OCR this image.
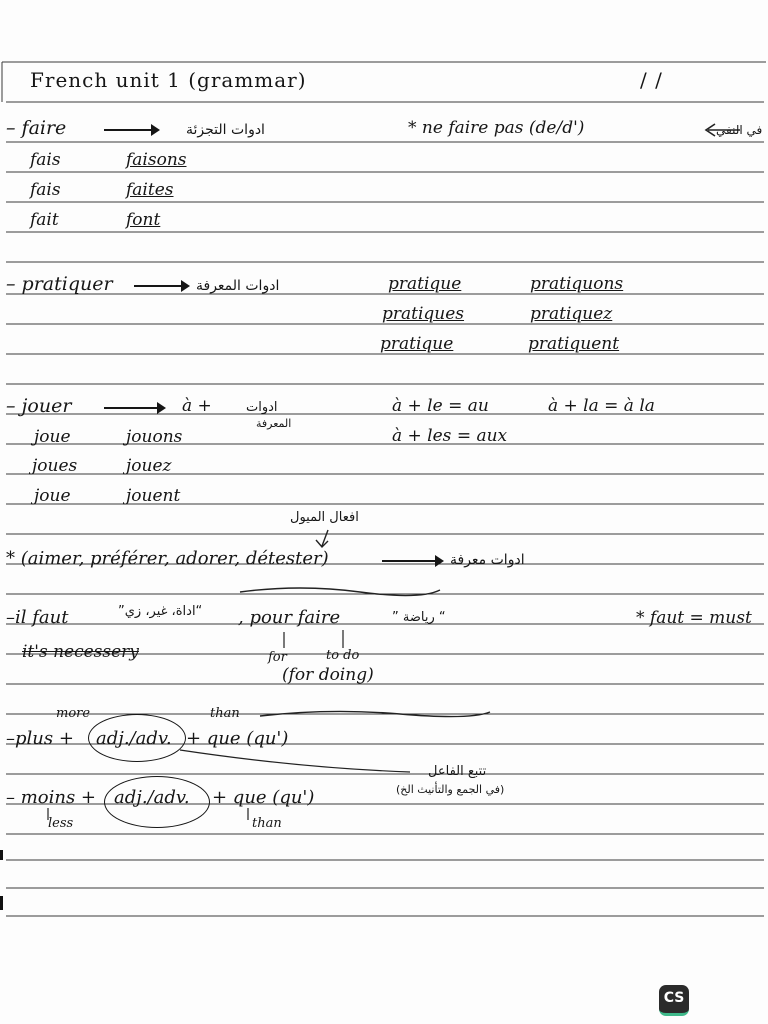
French unit 1 (grammar)	/ /
– faire	ادوات التجزئة	* ne faire pas (de/d')	في النفي
fais	faisons
fais	faites
fait	font
– pratiquer	ادوات المعرفة	pratique	pratiquons
pratiques	pratiquez
pratique	pratiquent
– jouer	à +	ادوات
المعرفة
à + le = au	à + la = à la
à + les = aux
joue	jouons
joues	jouez
joue	jouent
افعال الميول
* (aimer, préférer, adorer, détester)	ادوات معرفة
–il faut	“اداة، غير، زي” , pour faire	“ رياضة ”	* faut = must
it's necessery	for	to do
(for doing)
more	than
–plus + adj./adv. + que (qu')
تتبع الفاعل
(في الجمع والتأنيث الخ)
– moins + adj./adv. + que (qu')
less	than
CS
